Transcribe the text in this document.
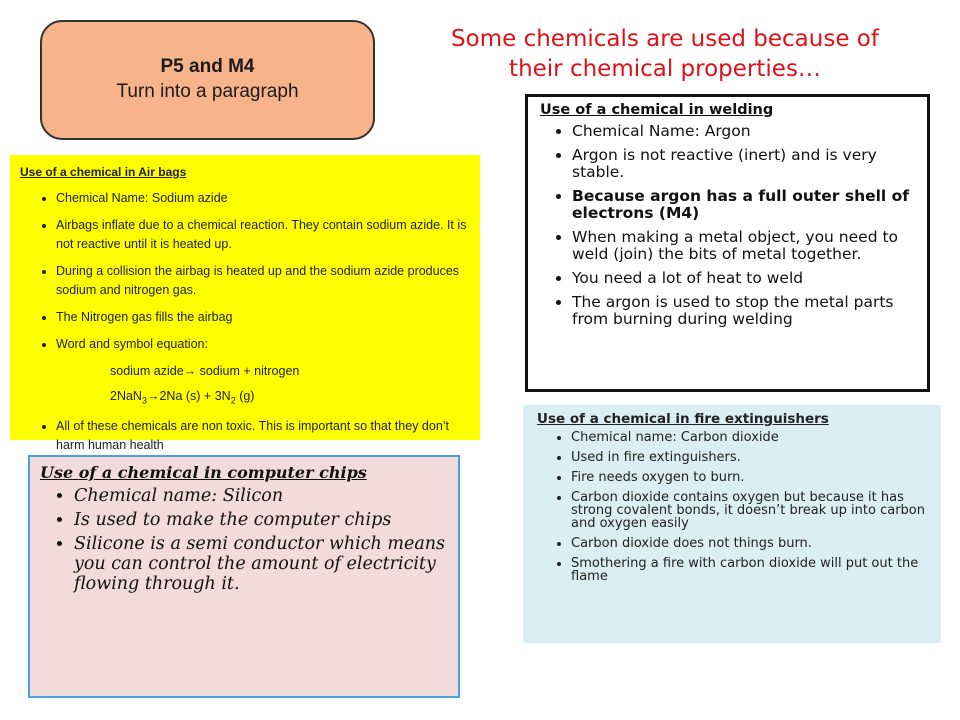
P5 and M4
Turn into a paragraph
Some chemicals are used because of
their chemical properties…
Use of a chemical in welding
• Chemical Name: Argon
• Argon is not reactive (inert) and is very stable.
• Because argon has a full outer shell of electrons (M4)
• When making a metal object, you need to weld (join) the bits of metal together.
• You need a lot of heat to weld
• The argon is used to stop the metal parts from burning during welding
Use of a chemical in Air bags
• Chemical Name: Sodium azide
• Airbags inflate due to a chemical reaction. They contain sodium azide. It is not reactive until it is heated up.
• During a collision the airbag is heated up and the sodium azide produces sodium and nitrogen gas.
• The Nitrogen gas fills the airbag
• Word and symbol equation:
sodium azide→ sodium + nitrogen
2NaN$_3$→2Na $(s) + 3N_2$ (g)
• All of these chemicals are non toxic. This is important so that they don’t harm human health
Use of a chemical in fire extinguishers
• Chemical name: Carbon dioxide
• Used in fire extinguishers.
• Fire needs oxygen to burn.
• Carbon dioxide contains oxygen but because it has strong covalent bonds, it doesn’t break up into carbon and oxygen easily
• Carbon dioxide does not things burn.
• Smothering a fire with carbon dioxide will put out the flame
Use of a chemical in computer chips
• Chemical name: Silicon
• Is used to make the computer chips
• Silicone is a semi conductor which means you can control the amount of electricity flowing through it.
